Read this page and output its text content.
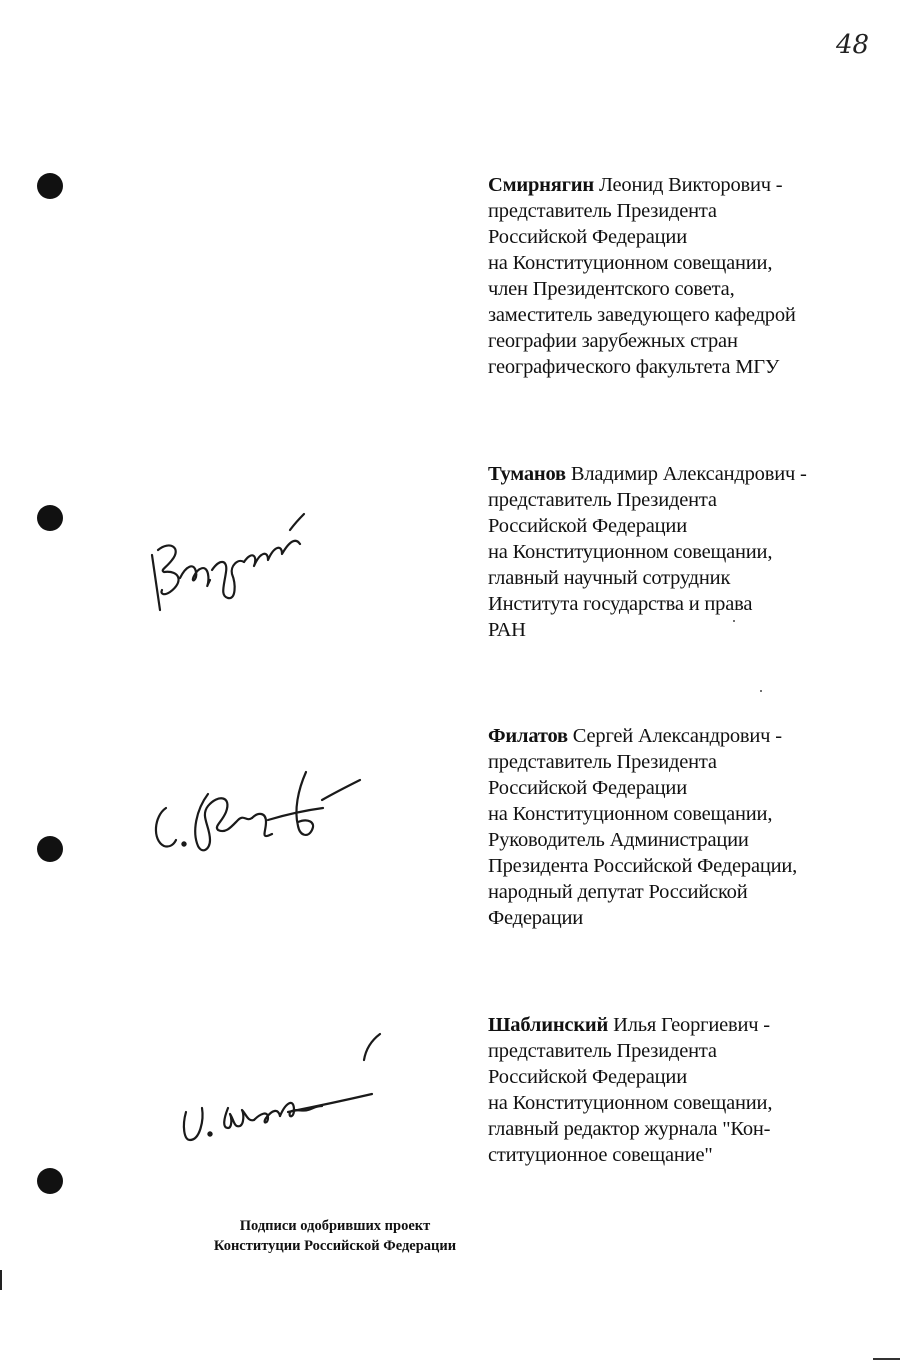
48
Смирнягин Леонид Викторович -
представитель Президента
Российской Федерации
на Конституционном совещании,
член Президентского совета,
заместитель заведующего кафедрой
географии зарубежных стран
географического факультета МГУ
Туманов Владимир Александрович -
представитель Президента
Российской Федерации
на Конституционном совещании,
главный научный сотрудник
Института государства и права
РАН
Филатов Сергей Александрович -
представитель Президента
Российской Федерации
на Конституционном совещании,
Руководитель Администрации
Президента Российской Федерации,
народный депутат Российской
Федерации
Шаблинский Илья Георгиевич -
представитель Президента
Российской Федерации
на Конституционном совещании,
главный редактор журнала "Кон-
ституционное совещание"
Подписи одобривших проект
Конституции Российской Федерации
